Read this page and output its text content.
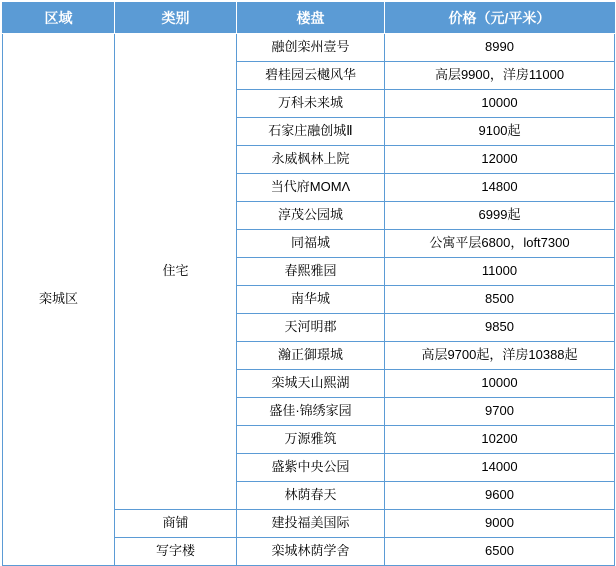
区域	类别	楼盘	价格（元/平米）
栾城区	住宅	融创栾州壹号	8990
		碧桂园云樾风华	高层9900，洋房11000
		万科未来城	10000
		石家庄融创城Ⅱ	9100起
		永威枫林上院	12000
		当代府MOMΛ	14800
		淳茂公园城	6999起
		同福城	公寓平层6800，loft7300
		春熙雅园	11000
		南华城	8500
		天河明郡	9850
		瀚正御璟城	高层9700起，洋房10388起
		栾城天山熙湖	10000
		盛佳·锦绣家园	9700
		万源雅筑	10200
		盛紫中央公园	14000
		林荫春天	9600
	商铺	建投福美国际	9000
	写字楼	栾城林荫学舍	6500
